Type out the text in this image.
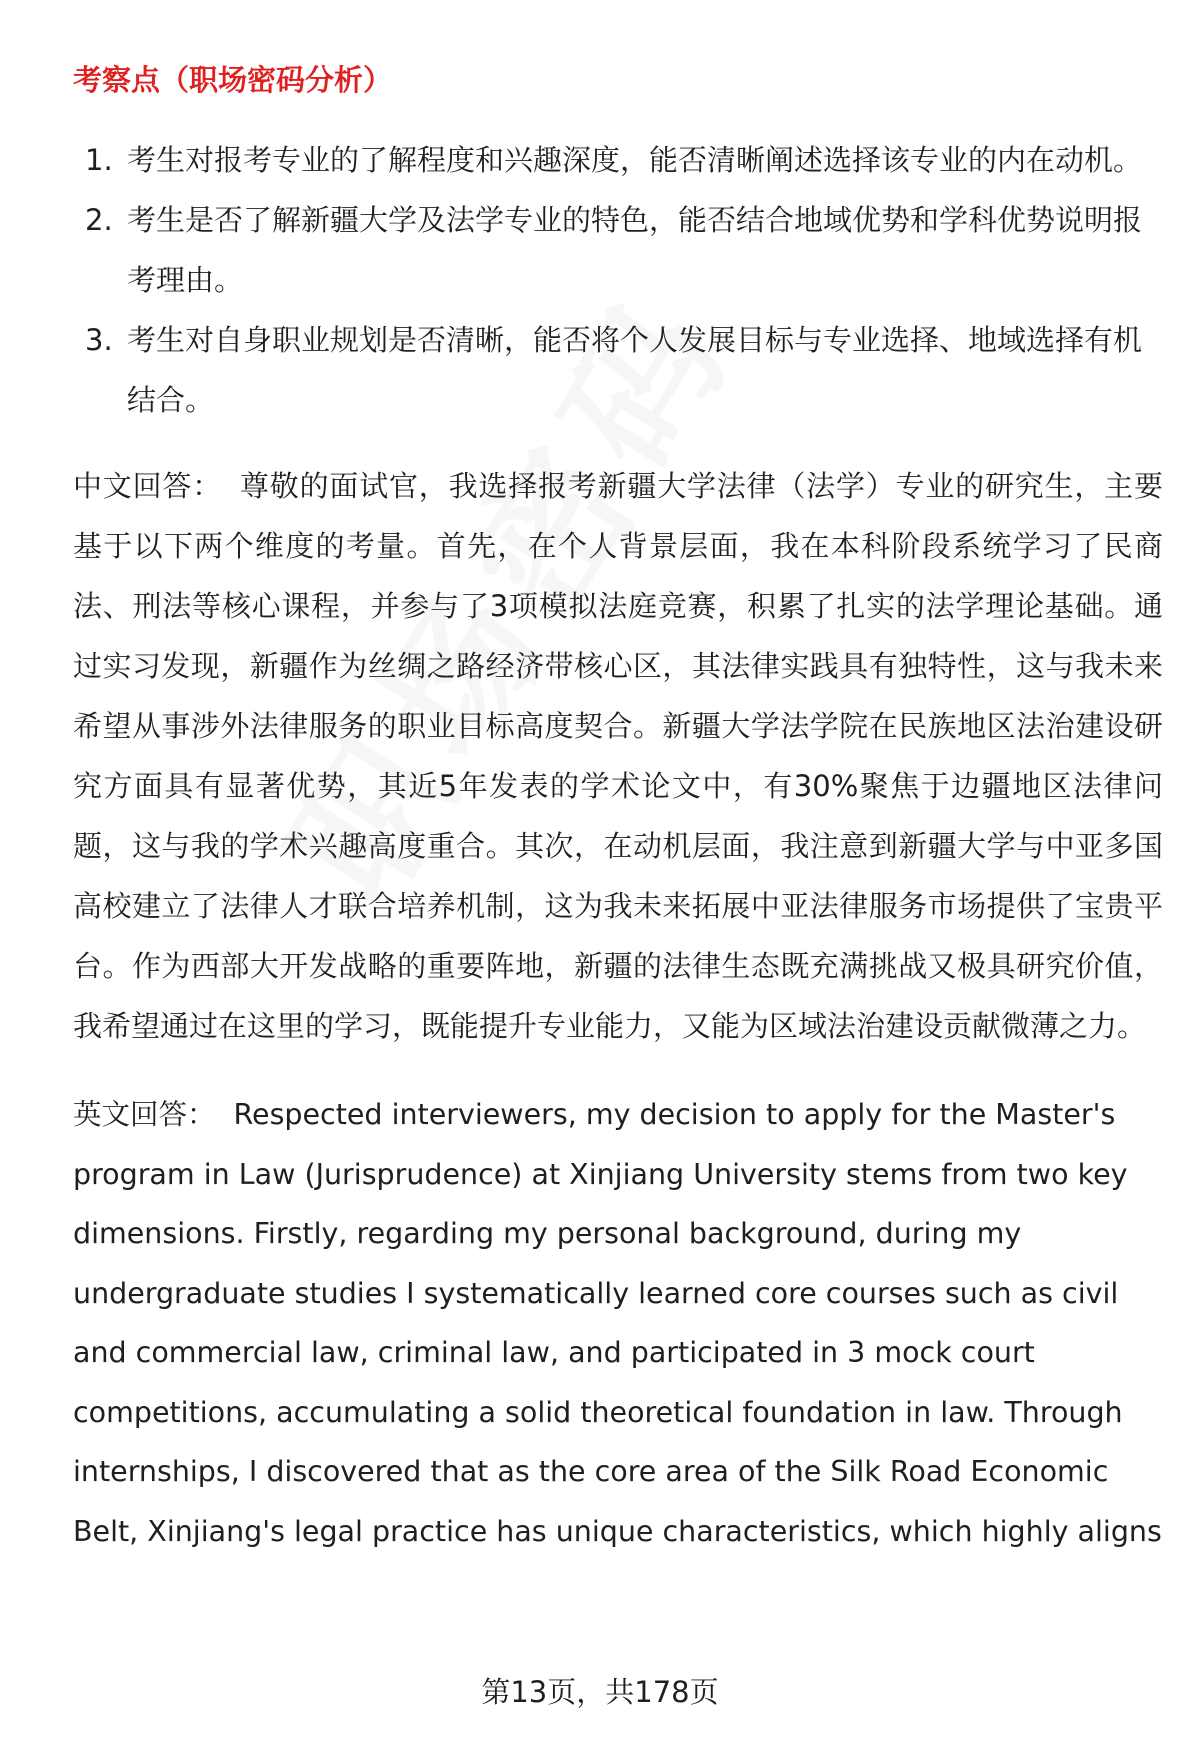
考察点（职场密码分析）
1. 考生对报考专业的了解程度和兴趣深度，能否清晰阐述选择该专业的内在动机。
2. 考生是否了解新疆大学及法学专业的特色，能否结合地域优势和学科优势说明报考理由。
3. 考生对自身职业规划是否清晰，能否将个人发展目标与专业选择、地域选择有机结合。

中文回答： 尊敬的面试官，我选择报考新疆大学法律（法学）专业的研究生，主要基于以下两个维度的考量。首先，在个人背景层面，我在本科阶段系统学习了民商法、刑法等核心课程，并参与了3项模拟法庭竞赛，积累了扎实的法学理论基础。通过实习发现，新疆作为丝绸之路经济带核心区，其法律实践具有独特性，这与我未来希望从事涉外法律服务的职业目标高度契合。新疆大学法学院在民族地区法治建设研究方面具有显著优势，其近5年发表的学术论文中，有30%聚焦于边疆地区法律问题，这与我的学术兴趣高度重合。其次，在动机层面，我注意到新疆大学与中亚多国高校建立了法律人才联合培养机制，这为我未来拓展中亚法律服务市场提供了宝贵平台。作为西部大开发战略的重要阵地，新疆的法律生态既充满挑战又极具研究价值，我希望通过在这里的学习，既能提升专业能力，又能为区域法治建设贡献微薄之力。

英文回答： Respected interviewers, my decision to apply for the Master's program in Law (Jurisprudence) at Xinjiang University stems from two key dimensions. Firstly, regarding my personal background, during my undergraduate studies I systematically learned core courses such as civil and commercial law, criminal law, and participated in 3 mock court competitions, accumulating a solid theoretical foundation in law. Through internships, I discovered that as the core area of the Silk Road Economic Belt, Xinjiang's legal practice has unique characteristics, which highly aligns

第13页，共178页
